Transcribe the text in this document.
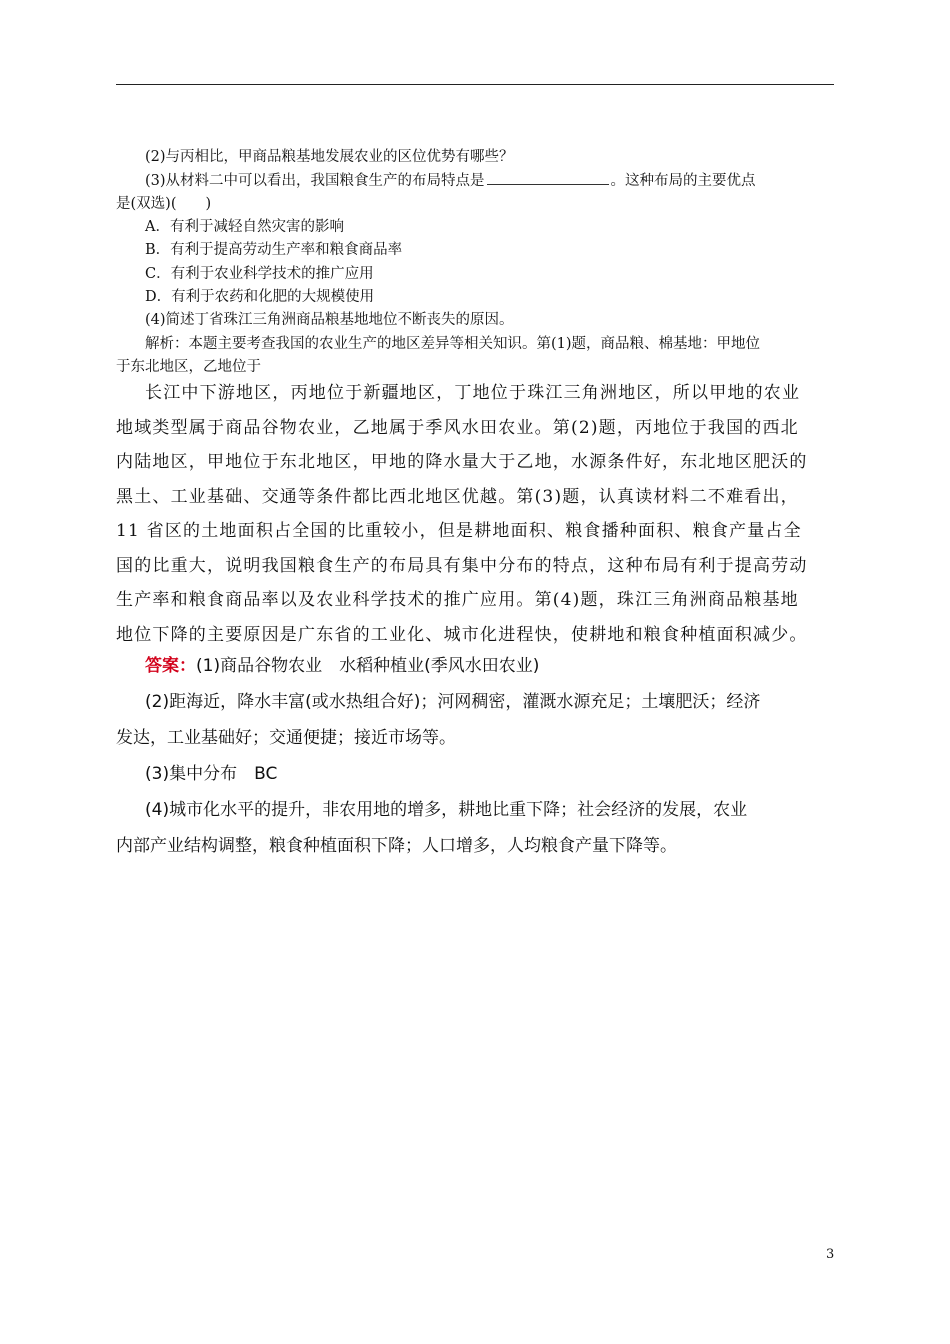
(2)与丙相比，甲商品粮基地发展农业的区位优势有哪些？
(3)从材料二中可以看出，我国粮食生产的布局特点是	。这种布局的主要优点
是(双选)(　　)
A．有利于减轻自然灾害的影响
B．有利于提高劳动生产率和粮食商品率
C．有利于农业科学技术的推广应用
D．有利于农药和化肥的大规模使用
(4)简述丁省珠江三角洲商品粮基地地位不断丧失的原因。
解析：本题主要考查我国的农业生产的地区差异等相关知识。第(1)题，商品粮、棉基地：甲地位
于东北地区，乙地位于
长江中下游地区，丙地位于新疆地区，丁地位于珠江三角洲地区，所以甲地的农业
地域类型属于商品谷物农业，乙地属于季风水田农业。第(2)题，丙地位于我国的西北
内陆地区，甲地位于东北地区，甲地的降水量大于乙地，水源条件好，东北地区肥沃的
黑土、工业基础、交通等条件都比西北地区优越。第(3)题，认真读材料二不难看出，
11 省区的土地面积占全国的比重较小，但是耕地面积、粮食播种面积、粮食产量占全
国的比重大，说明我国粮食生产的布局具有集中分布的特点，这种布局有利于提高劳动
生产率和粮食商品率以及农业科学技术的推广应用。第(4)题，珠江三角洲商品粮基地
地位下降的主要原因是广东省的工业化、城市化进程快，使耕地和粮食种植面积减少。
答案：(1)商品谷物农业　水稻种植业(季风水田农业)
(2)距海近，降水丰富(或水热组合好)；河网稠密，灌溉水源充足；土壤肥沃；经济
发达，工业基础好；交通便捷；接近市场等。
(3)集中分布　BC
(4)城市化水平的提升，非农用地的增多，耕地比重下降；社会经济的发展，农业
内部产业结构调整，粮食种植面积下降；人口增多，人均粮食产量下降等。
3
